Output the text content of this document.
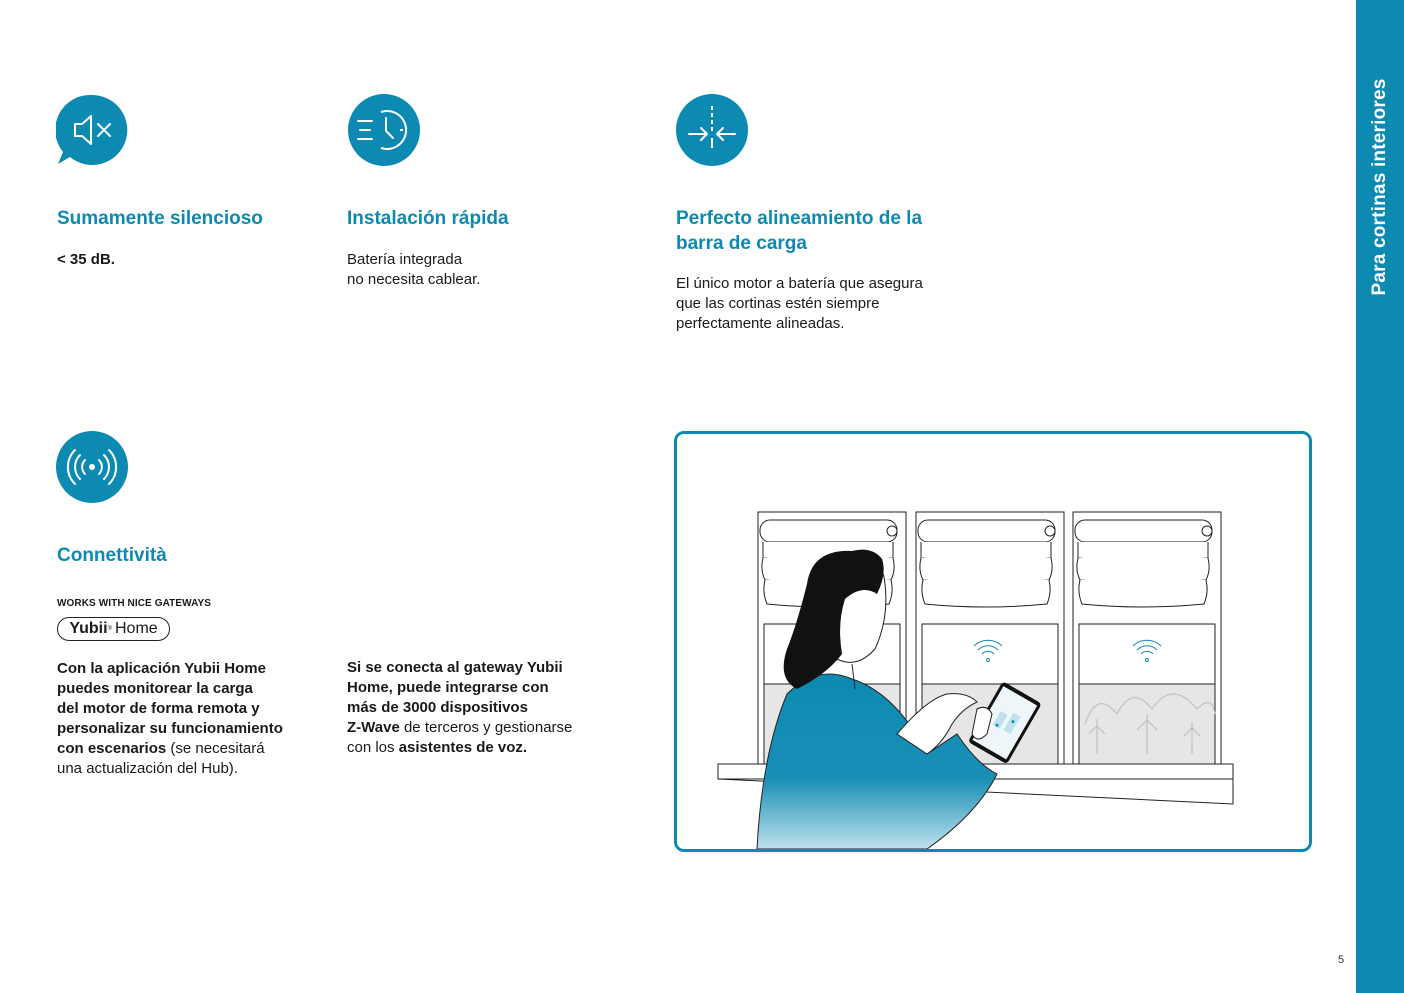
Para cortinas interiores
5
Sumamente silencioso

< 35 dB.

Instalación rápida

Batería integrada

no necesita cablear.

Perfecto alineamiento de la
barra de carga

El único motor a batería que asegura

que las cortinas estén siempre

perfectamente alineadas.

Connettività
WORKS WITH NICE GATEWAYS
Yubii ® Home

Con la aplicación Yubii Home

puedes monitorear la carga

del motor de forma remota y

personalizar su funcionamiento

con escenarios (se necesitará

una actualización del Hub).

Si se conecta al gateway Yubii

Home, puede integrarse con

más de 3000 dispositivos

Z-Wave de terceros y gestionarse

con los asistentes de voz.
